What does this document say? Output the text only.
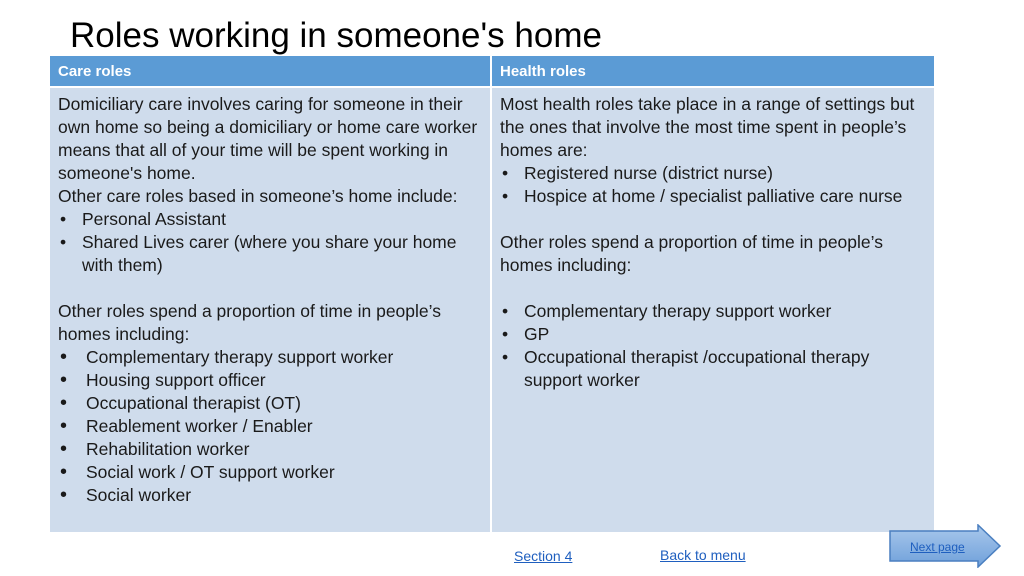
Roles working in someone's home
Care roles	Health roles

Domiciliary care involves caring for someone in their own home so being a domiciliary or home care worker means that all of your time will be spent working in someone's home.

Other care roles based in someone’s home include:

• Personal Assistant
• Shared Lives carer (where you share your home with them)

Other roles spend a proportion of time in people’s homes including:

• Complementary therapy support worker
• Housing support officer
• Occupational therapist (OT)
• Reablement worker / Enabler
• Rehabilitation worker
• Social work / OT support worker
• Social worker

Most health roles take place in a range of settings but the ones that involve the most time spent in people’s homes are:

• Registered nurse (district nurse)
• Hospice at home / specialist palliative care nurse

Other roles spend a proportion of time in people’s homes including:

• Complementary therapy support worker
• GP
• Occupational therapist /occupational therapy support worker
Section 4	Back to menu	Next page
